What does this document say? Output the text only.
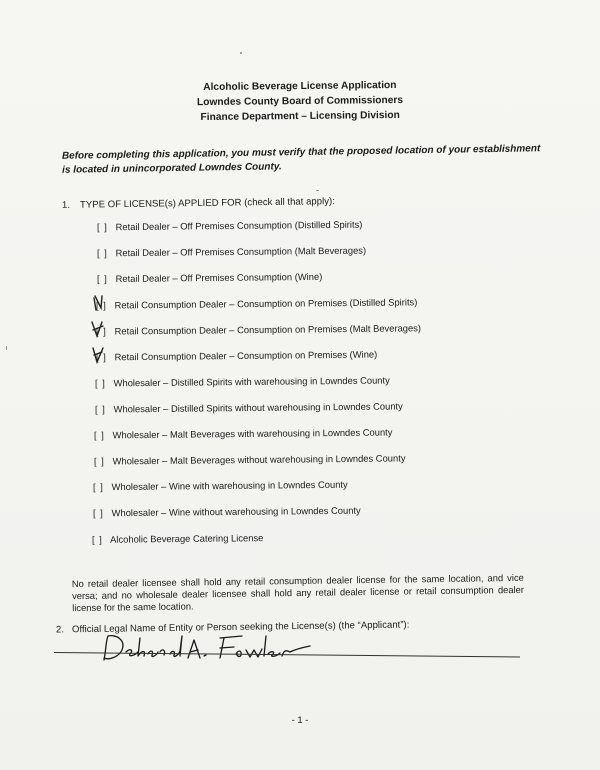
Alcoholic Beverage License Application
Lowndes County Board of Commissioners
Finance Department – Licensing Division
Before completing this application, you must verify that the proposed location of your establishment is located in unincorporated Lowndes County.
1. TYPE OF LICENSE(s) APPLIED FOR (check all that apply):
[ ] Retail Dealer – Off Premises Consumption (Distilled Spirits)
[ ] Retail Dealer – Off Premises Consumption (Malt Beverages)
[ ] Retail Dealer – Off Premises Consumption (Wine)
[ ] Retail Consumption Dealer – Consumption on Premises (Distilled Spirits)
[ ] Retail Consumption Dealer – Consumption on Premises (Malt Beverages)
[ ] Retail Consumption Dealer – Consumption on Premises (Wine)
[ ] Wholesaler – Distilled Spirits with warehousing in Lowndes County
[ ] Wholesaler – Distilled Spirits without warehousing in Lowndes County
[ ] Wholesaler – Malt Beverages with warehousing in Lowndes County
[ ] Wholesaler – Malt Beverages without warehousing in Lowndes County
[ ] Wholesaler – Wine with warehousing in Lowndes County
[ ] Wholesaler – Wine without warehousing in Lowndes County
[ ] Alcoholic Beverage Catering License
No retail dealer licensee shall hold any retail consumption dealer license for the same location, and vice versa; and no wholesale dealer licensee shall hold any retail dealer license or retail consumption dealer license for the same location.
2. Official Legal Name of Entity or Person seeking the License(s) (the “Applicant”):
- 1 -
